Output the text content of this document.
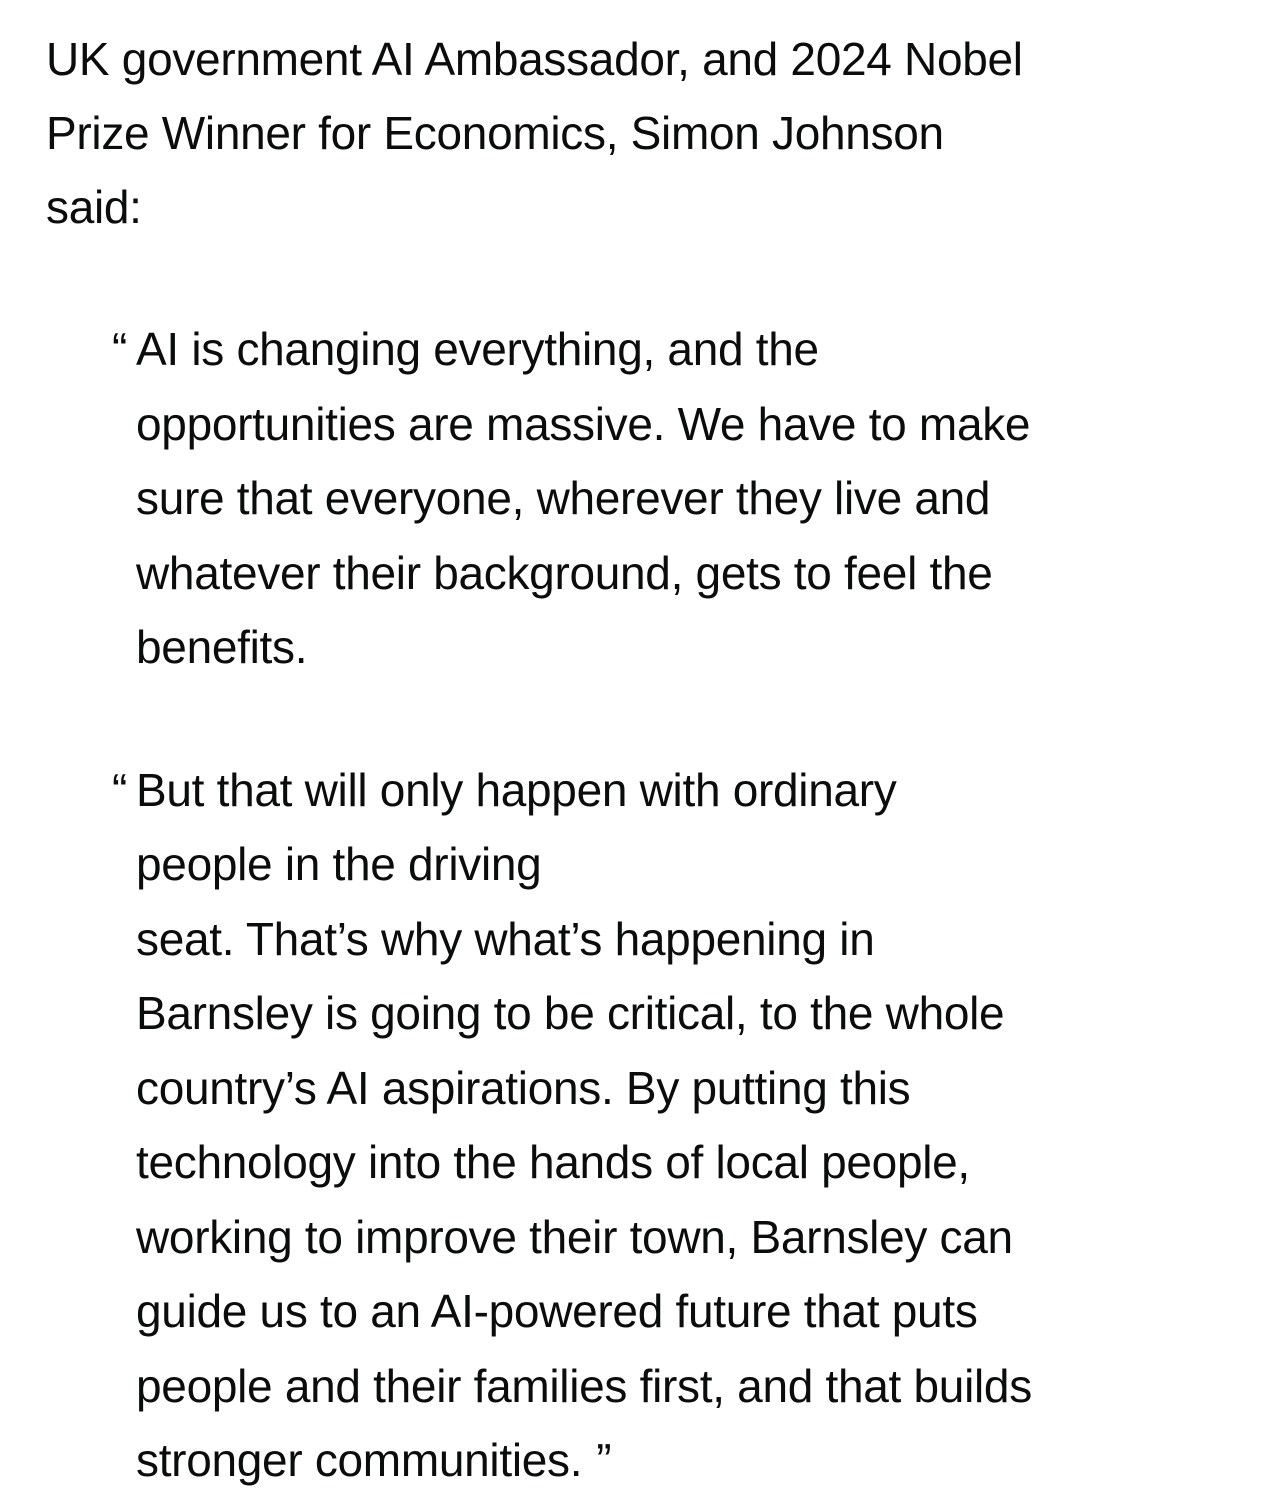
UK government AI Ambassador, and 2024 Nobel
Prize Winner for Economics, Simon Johnson
said:

“ AI is changing everything, and the
opportunities are massive. We have to make
sure that everyone, wherever they live and
whatever their background, gets to feel the
benefits.
“ But that will only happen with ordinary
people in the driving
seat. That’s why what’s happening in
Barnsley is going to be critical, to the whole
country’s AI aspirations. By putting this
technology into the hands of local people,
working to improve their town, Barnsley can
guide us to an AI-powered future that puts
people and their families first, and that builds
stronger communities. ”
